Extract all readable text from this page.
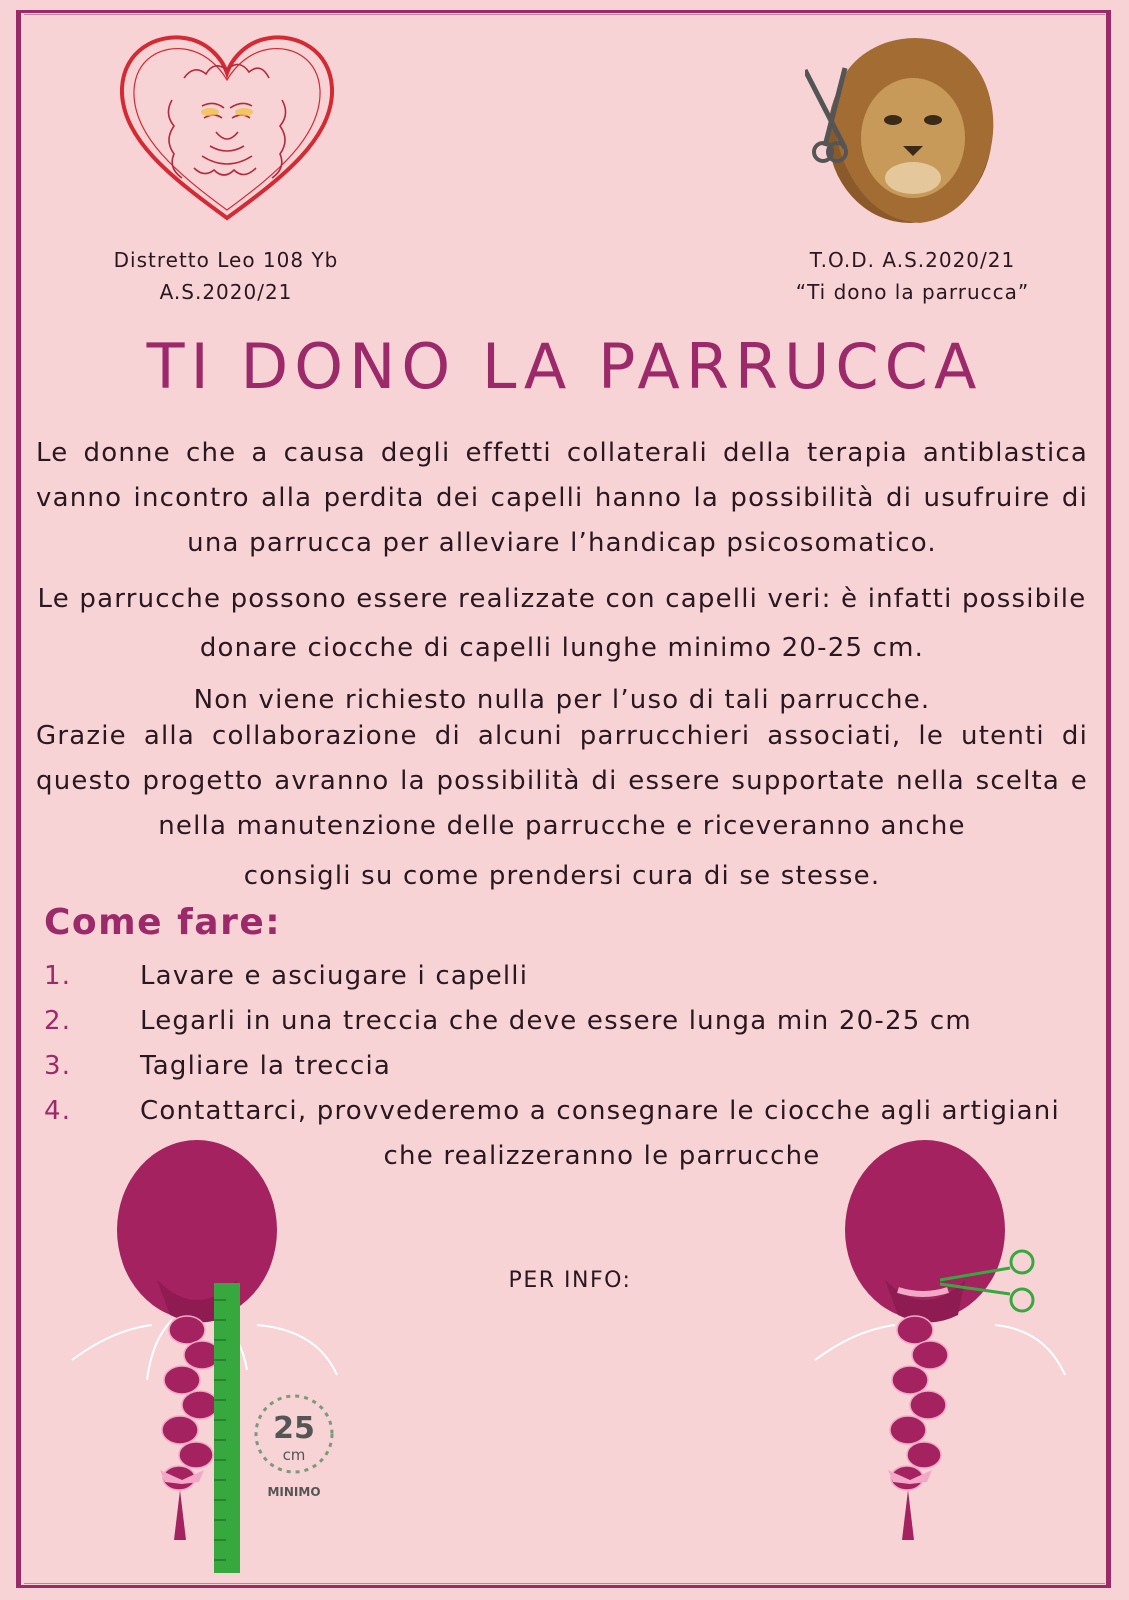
Distretto Leo 108 Yb
A.S.2020/21
T.O.D. A.S.2020/21
“Ti dono la parrucca”
TI DONO LA PARRUCCA

Le donne che a causa degli effetti collaterali della terapia antiblastica vanno incontro alla perdita dei capelli hanno la possibilità di usufruire di una parrucca per alleviare l’handicap psicosomatico.

Le parrucche possono essere realizzate con capelli veri: è infatti possibile donare ciocche di capelli lunghe minimo 20-25 cm.

Non viene richiesto nulla per l’uso di tali parrucche.

Grazie alla collaborazione di alcuni parrucchieri associati, le utenti di questo progetto avranno la possibilità di essere supportate nella scelta e nella manutenzione delle parrucche e riceveranno anche
consigli su come prendersi cura di se stesse.

Come fare:
1.	Lavare e asciugare i capelli
2.	Legarli in una treccia che deve essere lunga min 20-25 cm
3.	Tagliare la treccia
4.	Contattarci, provvederemo a consegnare le ciocche agli artigiani
che realizzeranno le parrucche
PER INFO:
25
cm
MINIMO
